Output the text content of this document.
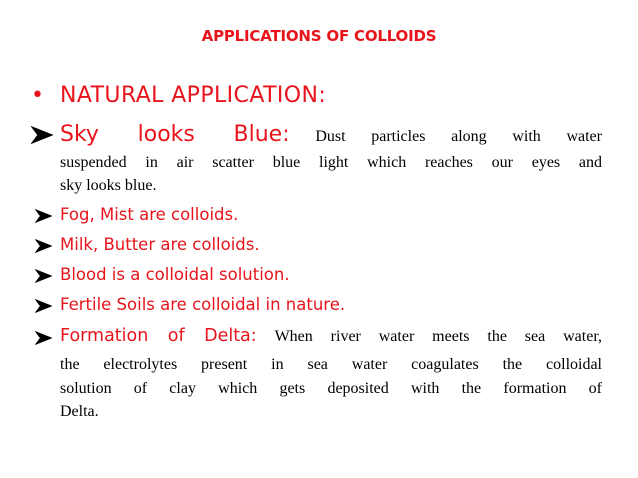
APPLICATIONS OF COLLOIDS
• NATURAL APPLICATION:
Sky looks Blue: Dust particles along with water
suspended in air scatter blue light which reaches our eyes and
sky looks blue.
Fog, Mist are colloids.
Milk, Butter are colloids.
Blood is a colloidal solution.
Fertile Soils are colloidal in nature.
Formation of Delta: When river water meets the sea water,
the electrolytes present in sea water coagulates the colloidal
solution of clay which gets deposited with the formation of
Delta.
